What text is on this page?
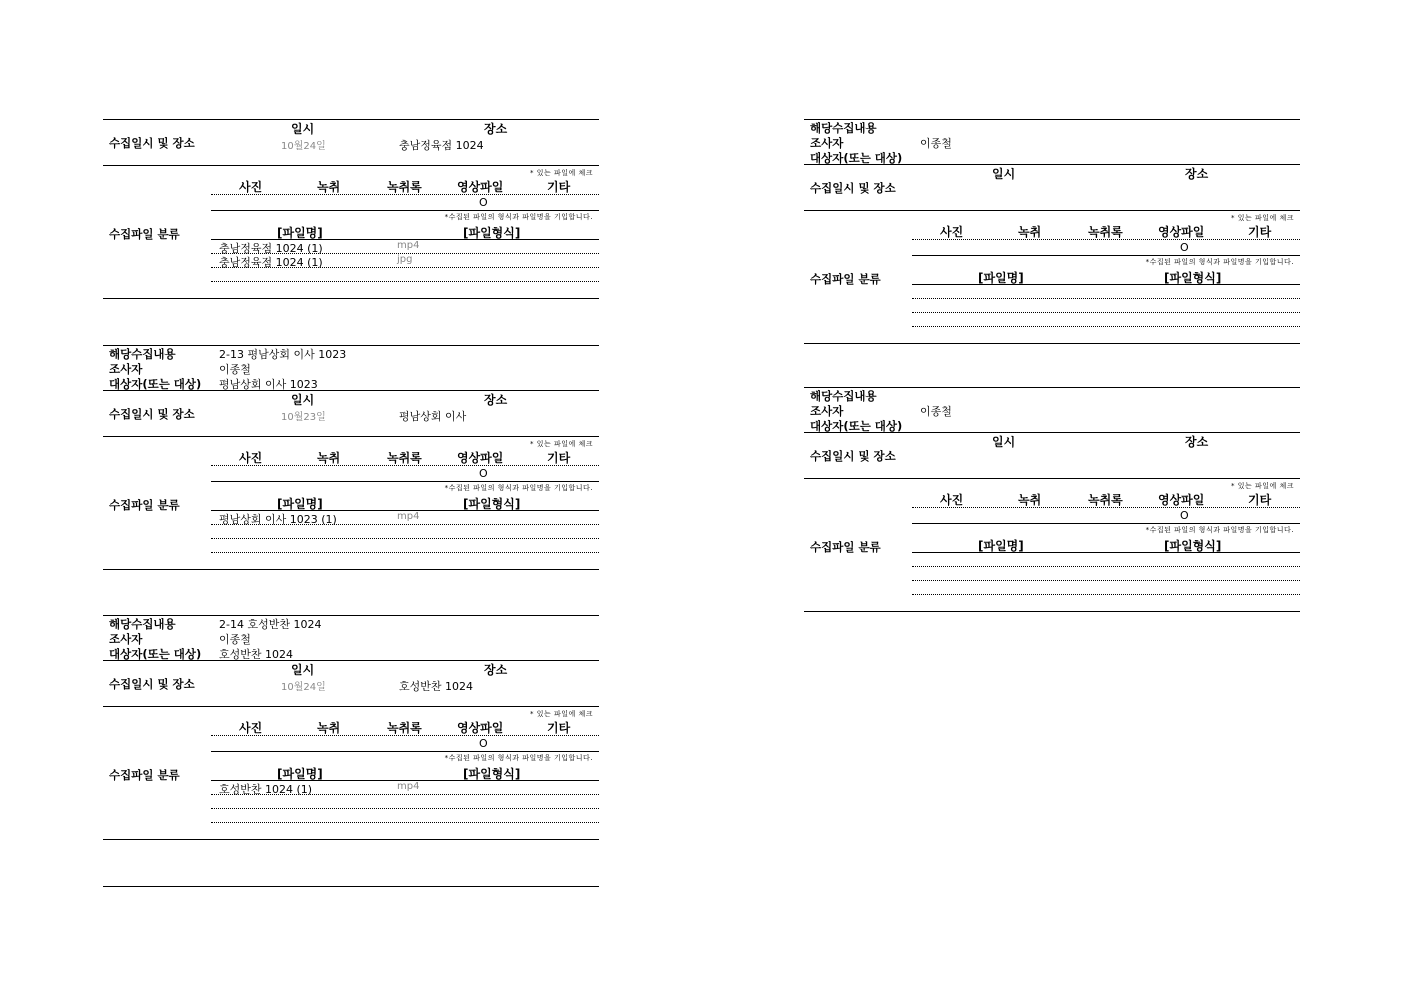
일시	장소
수집일시 및 장소	10월24일	충남정육점 1024
수집파일 분류
* 있는 파일에 체크
사진	녹취	녹취록	영상파일	기타
O
*수집된 파일의 형식과 파일명을 기입합니다.
[파일명]	[파일형식]
충남정육점 1024 (1)	mp4
충남정육점 1024 (1)	jpg
해당수집내용	2-13 평남상회 이사 1023
조사자	이종철
대상자(또는 대상) 평남상회 이사 1023
일시	장소
수집일시 및 장소	10월23일	평남상회 이사
수집파일 분류
* 있는 파일에 체크
사진	녹취	녹취록	영상파일	기타
O
*수집된 파일의 형식과 파일명을 기입합니다.
[파일명]	[파일형식]
평남상회 이사 1023 (1)	mp4
해당수집내용	2-14 호성반찬 1024
조사자	이종철
대상자(또는 대상) 호성반찬 1024
일시	장소
수집일시 및 장소	10월24일	호성반찬 1024
수집파일 분류
* 있는 파일에 체크
사진	녹취	녹취록	영상파일	기타
O
*수집된 파일의 형식과 파일명을 기입합니다.
[파일명]	[파일형식]
호성반찬 1024 (1)	mp4
해당수집내용
조사자	이종철
대상자(또는 대상)
일시	장소
수집일시 및 장소
수집파일 분류
* 있는 파일에 체크
사진	녹취	녹취록	영상파일	기타
O
*수집된 파일의 형식과 파일명을 기입합니다.
[파일명]	[파일형식]
해당수집내용
조사자	이종철
대상자(또는 대상)
일시	장소
수집일시 및 장소
수집파일 분류
* 있는 파일에 체크
사진	녹취	녹취록	영상파일	기타
O
*수집된 파일의 형식과 파일명을 기입합니다.
[파일명]	[파일형식]
